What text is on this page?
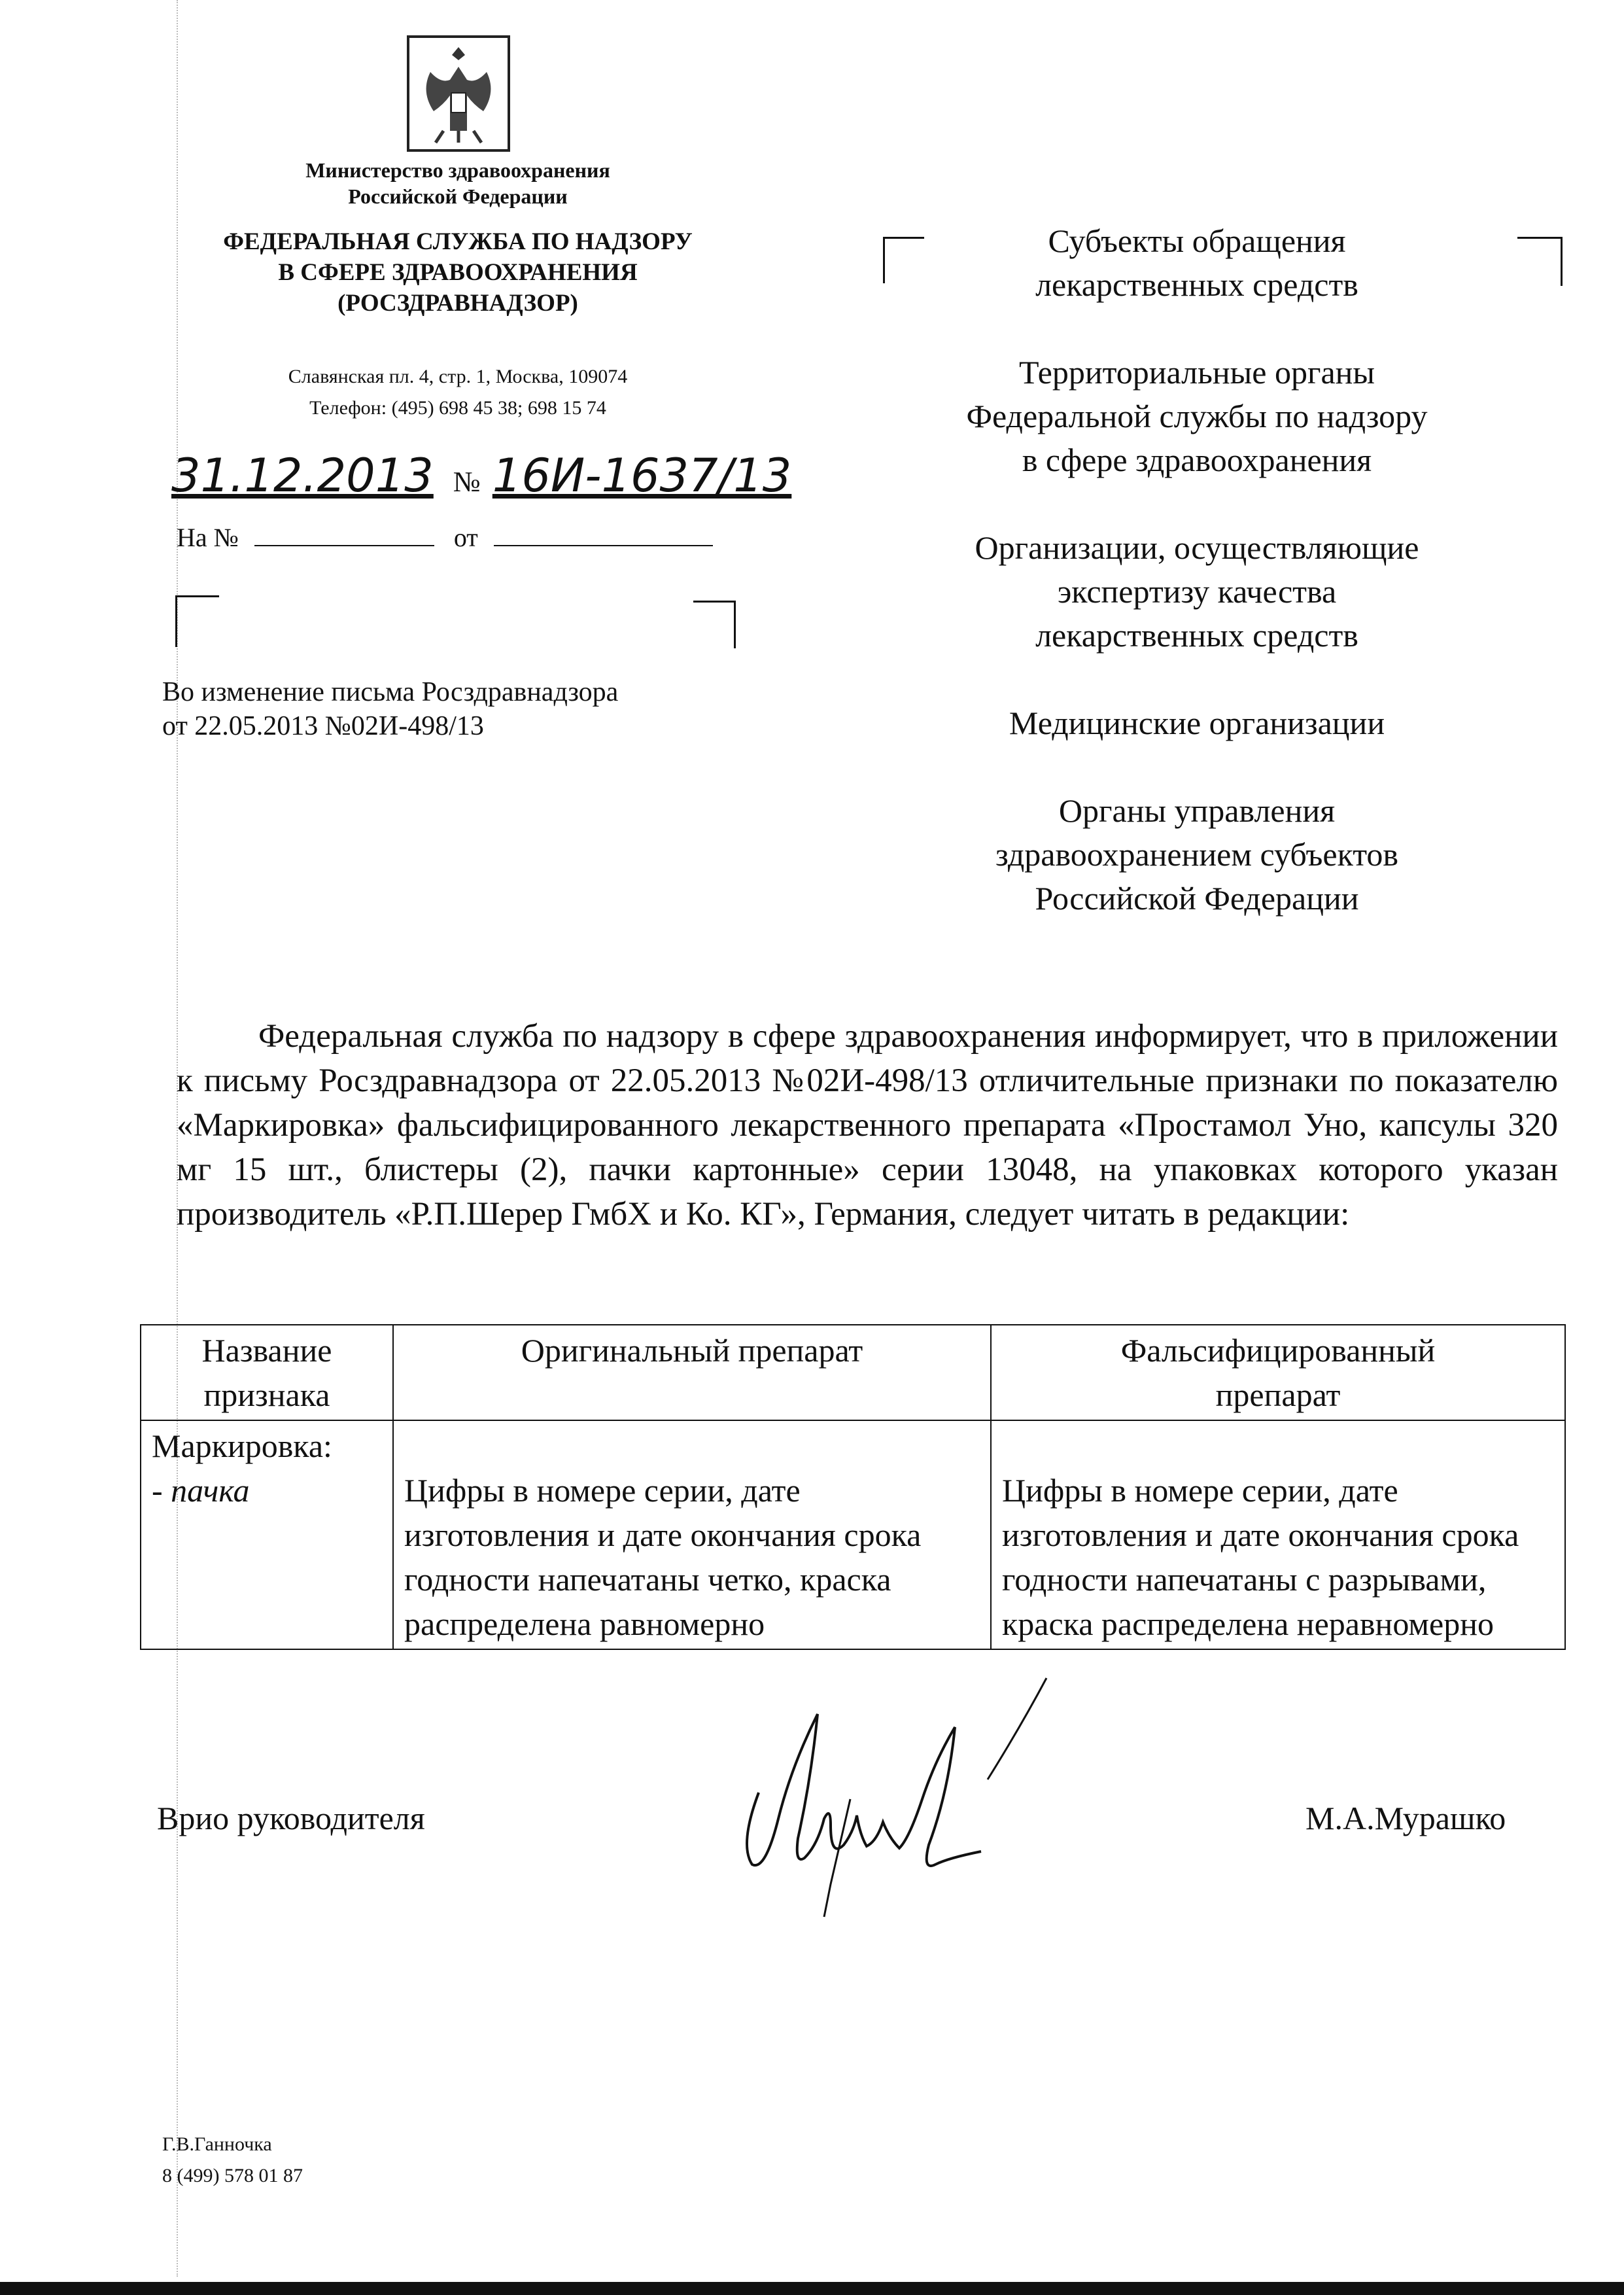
Министерство здравоохранения
Российской Федерации
ФЕДЕРАЛЬНАЯ СЛУЖБА ПО НАДЗОРУ
В СФЕРЕ ЗДРАВООХРАНЕНИЯ
(РОСЗДРАВНАДЗОР)
Славянская пл. 4, стр. 1, Москва, 109074
Телефон: (495) 698 45 38; 698 15 74
31.12.2013 № 16И-1637/13
На №	от
Во изменение письма Росздравнадзора
от 22.05.2013 №02И-498/13

Субъекты обращения
лекарственных средств

Территориальные органы
Федеральной службы по надзору
в сфере здравоохранения

Организации, осуществляющие
экспертизу качества
лекарственных средств

Медицинские организации

Органы управления
здравоохранением субъектов
Российской Федерации

Федеральная служба по надзору в сфере здравоохранения информирует, что в приложении к письму Росздравнадзора от 22.05.2013 №02И-498/13 отличительные признаки по показателю «Маркировка» фальсифицированного лекарственного препарата «Простамол Уно, капсулы 320 мг 15 шт., блистеры (2), пачки картонные» серии 13048, на упаковках которого указан производитель «Р.П.Шерер ГмбХ и Ко. КГ», Германия, следует читать в редакции:

Название признака	Оригинальный препарат	Фальсифицированный препарат

Маркировка:
- пачка	Цифры в номере серии, дате изготовления и дате окончания срока годности напечатаны четко, краска распределена равномерно	Цифры в номере серии, дате изготовления и дате окончания срока годности напечатаны с разрывами, краска распределена неравномерно
Врио руководителя	М.А.Мурашко
Г.В.Ганночка
8 (499) 578 01 87
